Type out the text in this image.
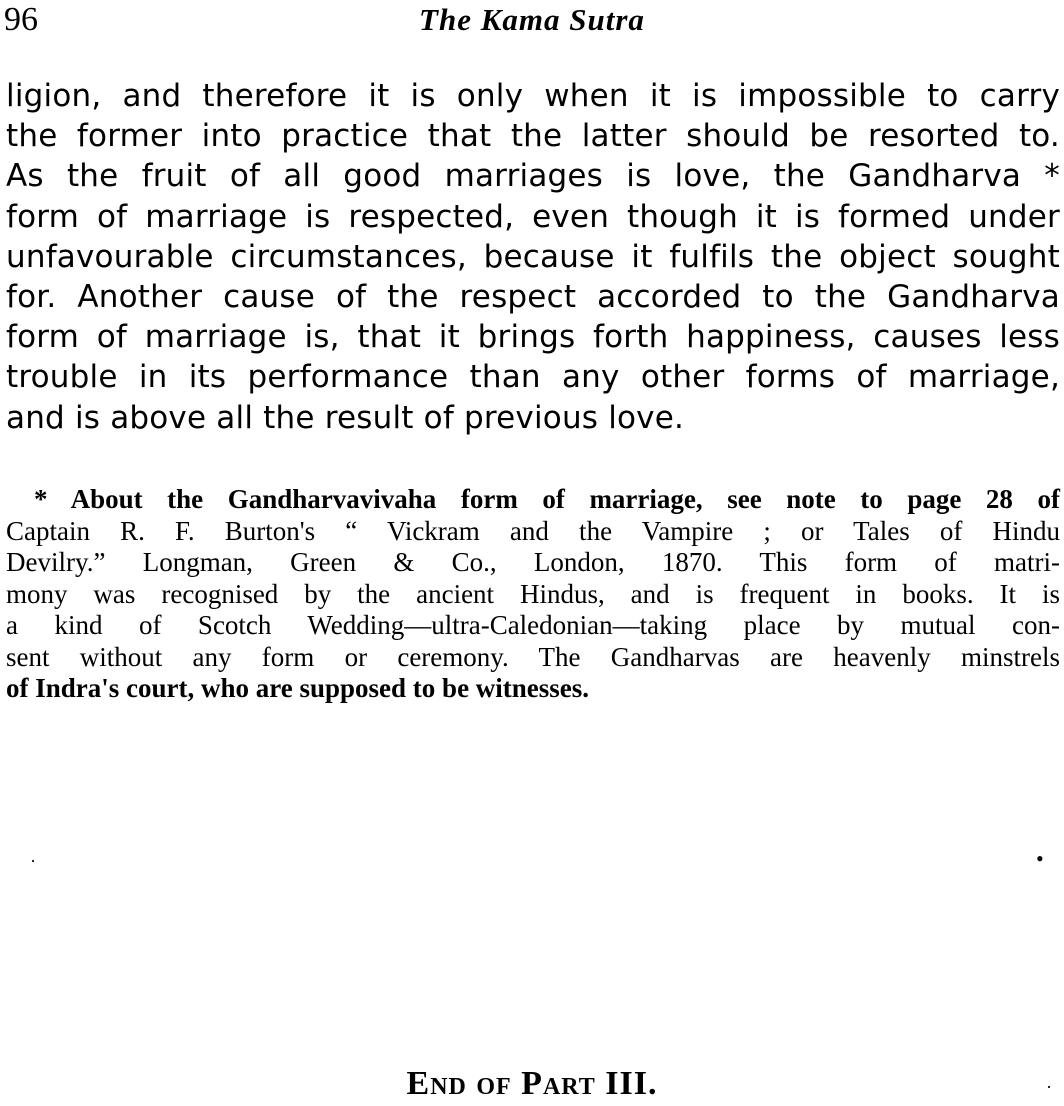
96	The Kama Sutra
ligion, and therefore it is only when it is impossible to carry
the former into practice that the latter should be resorted to.
As the fruit of all good marriages is love, the Gandharva *
form of marriage is respected, even though it is formed under
unfavourable circumstances, because it fulfils the object sought
for. Another cause of the respect accorded to the Gandharva
form of marriage is, that it brings forth happiness, causes less
trouble in its performance than any other forms of marriage,
and is above all the result of previous love.
* About the Gandharvavivaha form of marriage, see note to page 28 of
Captain R. F. Burton's “ Vickram and the Vampire ; or Tales of Hindu
Devilry.” Longman, Green & Co., London, 1870. This form of matri-
mony was recognised by the ancient Hindus, and is frequent in books. It is
a kind of Scotch Wedding—ultra-Caledonian—taking place by mutual con-
sent without any form or ceremony. The Gandharvas are heavenly minstrels
of Indra's court, who are supposed to be witnesses.
·	•
·
End of Part III.
